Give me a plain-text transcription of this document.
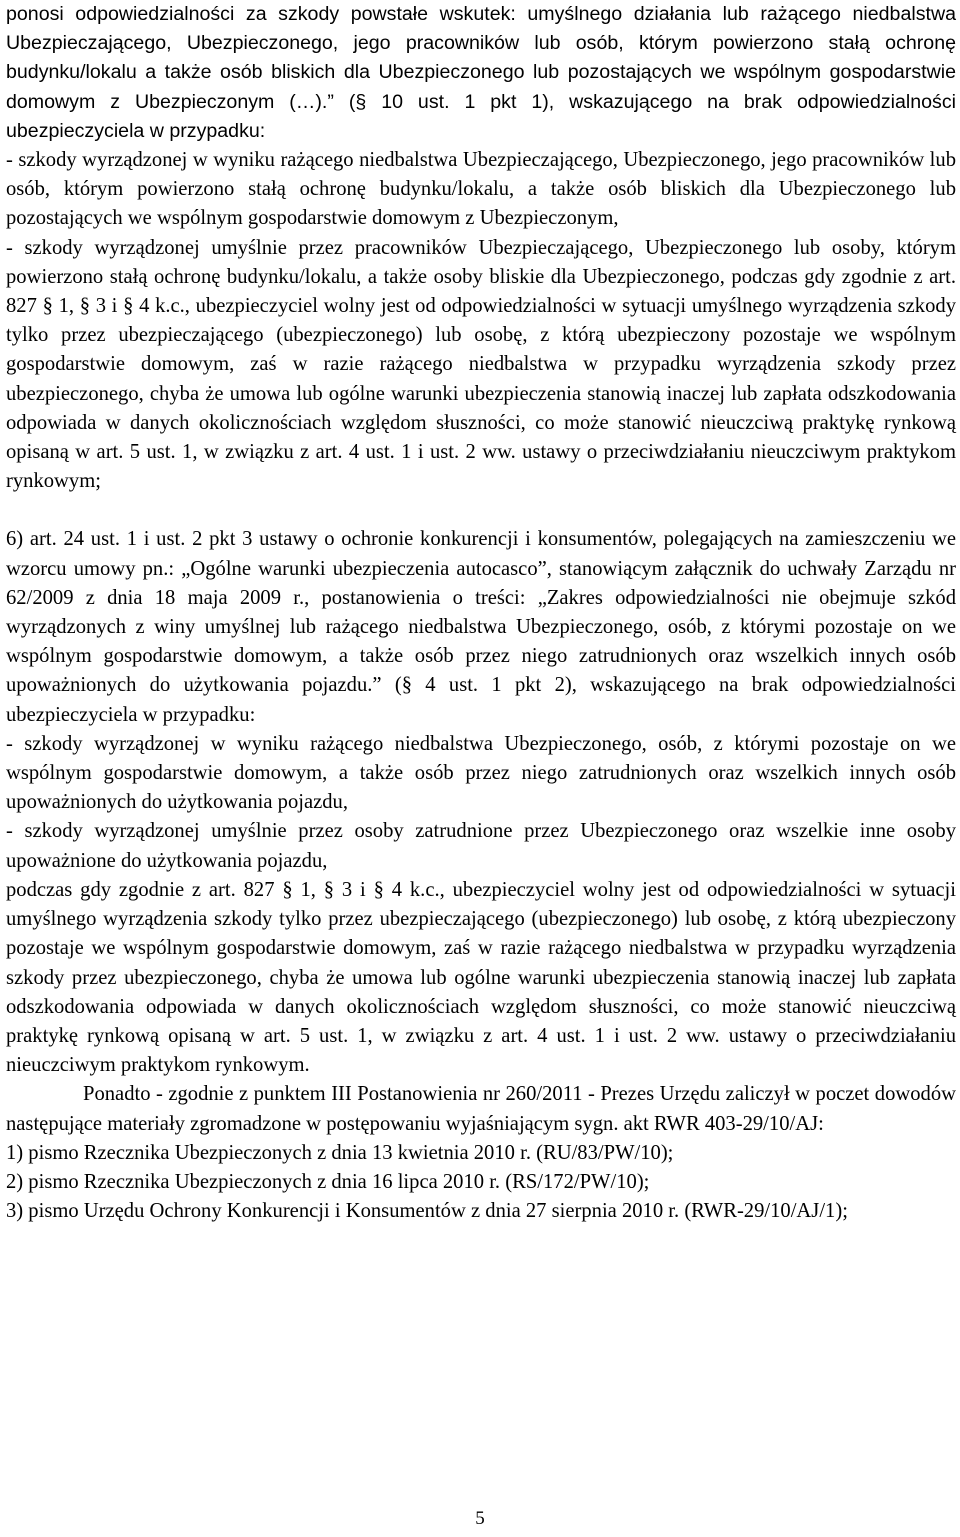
ponosi odpowiedzialności za szkody powstałe wskutek: umyślnego działania lub rażącego niedbalstwa Ubezpieczającego, Ubezpieczonego, jego pracowników lub osób, którym powierzono stałą ochronę budynku/lokalu a także osób bliskich dla Ubezpieczonego lub pozostających we wspólnym gospodarstwie domowym z Ubezpieczonym (…).” (§ 10 ust. 1 pkt 1), wskazującego na brak odpowiedzialności ubezpieczyciela w przypadku:

- szkody wyrządzonej w wyniku rażącego niedbalstwa Ubezpieczającego, Ubezpieczonego, jego pracowników lub osób, którym powierzono stałą ochronę budynku/lokalu, a także osób bliskich dla Ubezpieczonego lub pozostających we wspólnym gospodarstwie domowym z Ubezpieczonym,

- szkody wyrządzonej umyślnie przez pracowników Ubezpieczającego, Ubezpieczonego lub osoby, którym powierzono stałą ochronę budynku/lokalu, a także osoby bliskie dla Ubezpieczonego, podczas gdy zgodnie z art. 827 § 1, § 3 i § 4 k.c., ubezpieczyciel wolny jest od odpowiedzialności w sytuacji umyślnego wyrządzenia szkody tylko przez ubezpieczającego (ubezpieczonego) lub osobę, z którą ubezpieczony pozostaje we wspólnym gospodarstwie domowym, zaś w razie rażącego niedbalstwa w przypadku wyrządzenia szkody przez ubezpieczonego, chyba że umowa lub ogólne warunki ubezpieczenia stanowią inaczej lub zapłata odszkodowania odpowiada w danych okolicznościach względom słuszności, co może stanowić nieuczciwą praktykę rynkową opisaną w art. 5 ust. 1, w związku z art. 4 ust. 1 i ust. 2 ww. ustawy o przeciwdziałaniu nieuczciwym praktykom rynkowym;

6) art. 24 ust. 1 i ust. 2 pkt 3 ustawy o ochronie konkurencji i konsumentów, polegających na zamieszczeniu we wzorcu umowy pn.: „Ogólne warunki ubezpieczenia autocasco”, stanowiącym załącznik do uchwały Zarządu nr 62/2009 z dnia 18 maja 2009 r., postanowienia o treści: „Zakres odpowiedzialności nie obejmuje szkód wyrządzonych z winy umyślnej lub rażącego niedbalstwa Ubezpieczonego, osób, z którymi pozostaje on we wspólnym gospodarstwie domowym, a także osób przez niego zatrudnionych oraz wszelkich innych osób upoważnionych do użytkowania pojazdu.” (§ 4 ust. 1 pkt 2), wskazującego na brak odpowiedzialności ubezpieczyciela w przypadku:

- szkody wyrządzonej w wyniku rażącego niedbalstwa Ubezpieczonego, osób, z którymi pozostaje on we wspólnym gospodarstwie domowym, a także osób przez niego zatrudnionych oraz wszelkich innych osób upoważnionych do użytkowania pojazdu,

- szkody wyrządzonej umyślnie przez osoby zatrudnione przez Ubezpieczonego oraz wszelkie inne osoby upoważnione do użytkowania pojazdu,

podczas gdy zgodnie z art. 827 § 1, § 3 i § 4 k.c., ubezpieczyciel wolny jest od odpowiedzialności w sytuacji umyślnego wyrządzenia szkody tylko przez ubezpieczającego (ubezpieczonego) lub osobę, z którą ubezpieczony pozostaje we wspólnym gospodarstwie domowym, zaś w razie rażącego niedbalstwa w przypadku wyrządzenia szkody przez ubezpieczonego, chyba że umowa lub ogólne warunki ubezpieczenia stanowią inaczej lub zapłata odszkodowania odpowiada w danych okolicznościach względom słuszności, co może stanowić nieuczciwą praktykę rynkową opisaną w art. 5 ust. 1, w związku z art. 4 ust. 1 i ust. 2 ww. ustawy o przeciwdziałaniu nieuczciwym praktykom rynkowym.

Ponadto - zgodnie z punktem III Postanowienia nr 260/2011 - Prezes Urzędu zaliczył w poczet dowodów następujące materiały zgromadzone w postępowaniu wyjaśniającym sygn. akt RWR 403-29/10/AJ:

1) pismo Rzecznika Ubezpieczonych z dnia 13 kwietnia 2010 r. (RU/83/PW/10);

2) pismo Rzecznika Ubezpieczonych z dnia 16 lipca 2010 r. (RS/172/PW/10);

3) pismo Urzędu Ochrony Konkurencji i Konsumentów z dnia 27 sierpnia 2010 r. (RWR-29/10/AJ/1);

5
